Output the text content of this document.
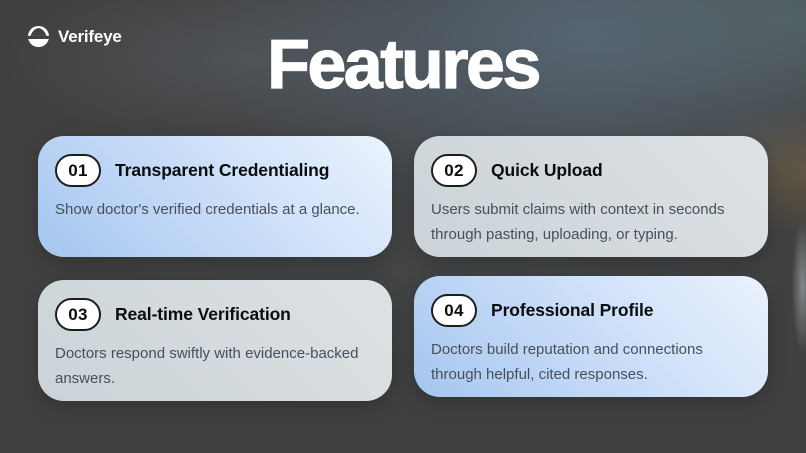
Verifeye	Features
01	Transparent Credentialing
Show doctor's verified credentials at a glance.
02	Quick Upload
Users submit claims with context in seconds through pasting, uploading, or typing.
03	Real-time Verification
Doctors respond swiftly with evidence-backed answers.
04	Professional Profile
Doctors build reputation and connections through helpful, cited responses.
